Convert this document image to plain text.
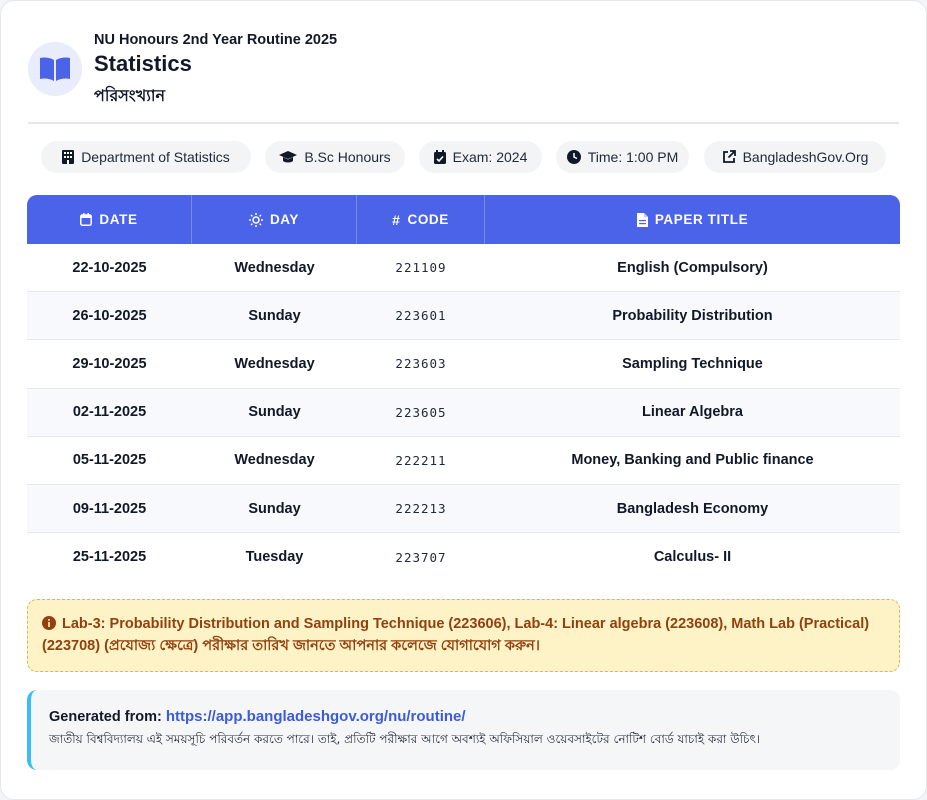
NU Honours 2nd Year Routine 2025
Statistics
পরিসংখ্যান
Department of Statistics	B.Sc Honours	Exam: 2024	Time: 1:00 PM	BangladeshGov.Org
DATE	DAY	# CODE	PAPER TITLE
22-10-2025	Wednesday	221109	English (Compulsory)
26-10-2025	Sunday	223601	Probability Distribution
29-10-2025	Wednesday	223603	Sampling Technique
02-11-2025	Sunday	223605	Linear Algebra
05-11-2025	Wednesday	222211	Money, Banking and Public finance
09-11-2025	Sunday	222213	Bangladesh Economy
25-11-2025	Tuesday	223707	Calculus- II
Lab-3: Probability Distribution and Sampling Technique (223606), Lab-4: Linear algebra (223608), Math Lab (Practical) (223708) (প্রযোজ্য ক্ষেত্রে) পরীক্ষার তারিখ জানতে আপনার কলেজে যোগাযোগ করুন।
Generated from: https://app.bangladeshgov.org/nu/routine/
জাতীয় বিশ্ববিদ্যালয় এই সময়সূচি পরিবর্তন করতে পারে। তাই, প্রতিটি পরীক্ষার আগে অবশ্যই অফিসিয়াল ওয়েবসাইটের নোটিশ বোর্ড যাচাই করা উচিৎ।
